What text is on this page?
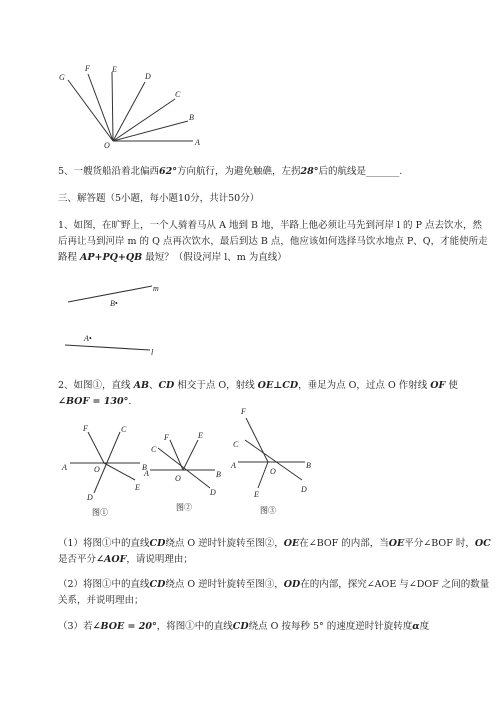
G
F	E
D
C
B
A
O
m
l
B•
A•
A	B
C
D
E
F
O
图①
A	B
C
D
E
F
O
图②
A	B
C
D
E
F
O
图③
5、一艘货船沿着北偏西62°方向航行，为避免触礁，左拐28°后的航线是_______.
三、解答题（5小题，每小题10分，共计50分）
1、如图，在旷野上，一个人骑着马从 A 地到 B 地，半路上他必须让马先到河岸 l 的 P 点去饮水，然
后再让马到河岸 m 的 Q 点再次饮水，最后到达 B 点，他应该如何选择马饮水地点 P、Q，才能使所走
路程 AP+PQ+QB 最短？（假设河岸 l、m 为直线）
2、如图①，直线 AB、CD 相交于点 O，射线 OE⊥CD，垂足为点 O，过点 O 作射线 OF 使
∠BOF = 130°.
（1）将图①中的直线CD绕点 O 逆时针旋转至图②，OE在∠BOF 的内部，当OE平分∠BOF 时，OC
是否平分∠AOF，请说明理由；
（2）将图①中的直线CD绕点 O 逆时针旋转至图③，OD在的内部，探究∠AOE 与∠DOF 之间的数量
关系，并说明理由；
（3）若∠BOE = 20°，将图①中的直线CD绕点 O 按每秒 5° 的速度逆时针旋转度α度
